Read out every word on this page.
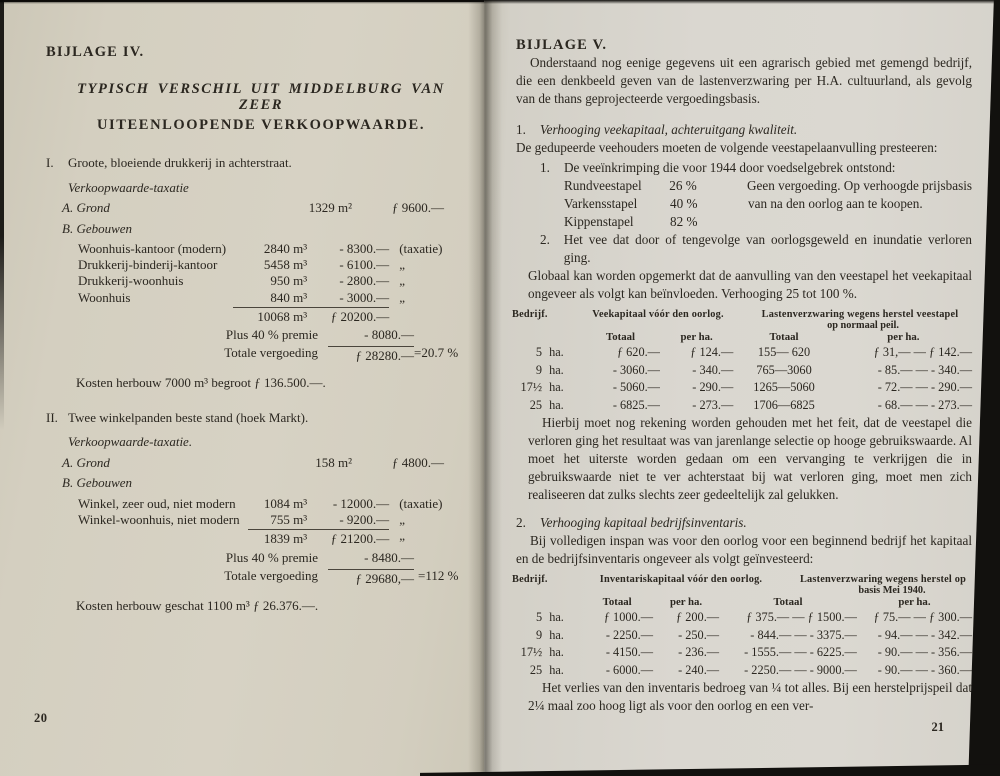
BIJLAGE IV.
TYPISCH VERSCHIL UIT MIDDELBURG VAN ZEER
UITEENLOOPENDE VERKOOPWAARDE.
I.	Groote, bloeiende drukkerij in achterstraat.
Verkoopwaarde-taxatie
A. Grond	1329 m²	ƒ 9600.—
B. Gebouwen
Woonhuis-kantoor (modern)	2840 m³	- 8300.— (taxatie)
Drukkerij-binderij-kantoor	5458 m³	- 6100.— „
Drukkerij-woonhuis	950 m³	- 2800.— „
Woonhuis	840 m³	- 3000.— „
10068 m³	ƒ 20200.—
Plus 40 % premie	- 8080.—
Totale vergoeding	ƒ 28280.— =20.7 %
Kosten herbouw 7000 m³ begroot ƒ 136.500.—.
II. Twee winkelpanden beste stand (hoek Markt).
Verkoopwaarde-taxatie.
A. Grond	158 m²	ƒ 4800.—
B. Gebouwen
Winkel, zeer oud, niet modern	1084 m³	- 12000.— (taxatie)
Winkel-woonhuis, niet modern	755 m³	- 9200.— „
1839 m³	ƒ 21200.— „
Plus 40 % premie	- 8480.—
Totale vergoeding	ƒ 29680,— =112 %
Kosten herbouw geschat 1100 m³ ƒ 26.376.—.
20
BIJLAGE V.

Onderstaand nog eenige gegevens uit een agrarisch gebied met gemengd bedrijf, die een denkbeeld geven van de lastenverzwaring per H.A. cultuurland, als gevolg van de thans geprojecteerde vergoedingsbasis.

1.	Verhooging veekapitaal, achteruitgang kwaliteit.

De gedupeerde veehouders moeten de volgende veestapelaanvulling presteeren:

1.	De veeïnkrimping die voor 1944 door voedselgebrek ontstond:
Rundveestapel	26 %	Geen vergoeding. Op verhoogde prijsbasis
Varkensstapel	40 %	van na den oorlog aan te koopen.
Kippenstapel	82 %
2.	Het vee dat door of tengevolge van oorlogsgeweld en inundatie verloren ging.

Globaal kan worden opgemerkt dat de aanvulling van den veestapel het veekapitaal ongeveer als volgt kan beïnvloeden. Verhooging 25 tot 100 %.

Bedrijf.	Veekapitaal vóór den oorlog.	Lastenverzwaring wegens herstel veestapel
op normaal peil.
Totaal	per ha.	Totaal	per ha.
5 ha.	ƒ 620.—	ƒ 124.—	155— 620	ƒ 31,— — ƒ 142.—
9 ha.	- 3060.—	- 340.—	765—3060	- 85.— — - 340.—
17½ ha.	- 5060.—	- 290.—	1265—5060	- 72.— — - 290.—
25 ha.	- 6825.—	- 273.—	1706—6825	- 68.— — - 273.—

Hierbij moet nog rekening worden gehouden met het feit, dat de veestapel die verloren ging het resultaat was van jarenlange selectie op hooge gebruikswaarde. Al moet het uiterste worden gedaan om een vervanging te verkrijgen die in gebruikswaarde niet te ver achterstaat bij wat verloren ging, moet men zich realiseeren dat zulks slechts zeer gedeeltelijk zal gelukken.

2.	Verhooging kapitaal bedrijfsinventaris.

Bij volledigen inspan was voor den oorlog voor een beginnend bedrijf het kapitaal en de bedrijfsinventaris ongeveer als volgt geïnvesteerd:

Bedrijf.	Inventariskapitaal vóór den oorlog.	Lastenverzwaring wegens herstel op
basis Mei 1940.
Totaal	per ha.	Totaal	per ha.
5 ha.	ƒ 1000.—	ƒ 200.—	ƒ 375.— — ƒ 1500.—	ƒ 75.— — ƒ 300.—
9 ha.	- 2250.—	- 250.—	- 844.— — - 3375.—	- 94.— — - 342.—
17½ ha.	- 4150.—	- 236.—	- 1555.— — - 6225.—	- 90.— — - 356.—
25 ha.	- 6000.—	- 240.—	- 2250.— — - 9000.—	- 90.— — - 360.—

Het verlies van den inventaris bedroeg van ¼ tot alles. Bij een herstelprijspeil dat 2¼ maal zoo hoog ligt als voor den oorlog en een ver-

21
